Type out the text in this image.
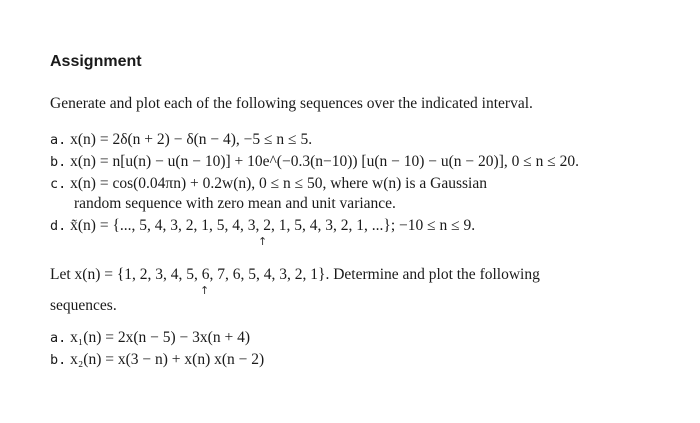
Assignment
Generate and plot each of the following sequences over the indicated interval.
a. x(n) = 2δ(n + 2) − δ(n − 4), −5 ≤ n ≤ 5.
b. x(n) = n[u(n) − u(n − 10)] + 10e^(−0.3(n−10)) [u(n − 10) − u(n − 20)], 0 ≤ n ≤ 20.
c. x(n) = cos(0.04πn) + 0.2w(n), 0 ≤ n ≤ 50, where w(n) is a Gaussian
random sequence with zero mean and unit variance.
d. x̃(n) = {..., 5, 4, 3, 2, 1, 5, 4, 3, 2, 1, 5, 4, 3, 2, 1, ...}; −10 ≤ n ≤ 9.
↑
Let x(n) = {1, 2, 3, 4, 5, 6, 7, 6, 5, 4, 3, 2, 1}. Determine and plot the following
↑
sequences.
a. x₁(n) = 2x(n − 5) − 3x(n + 4)
b. x₂(n) = x(3 − n) + x(n) x(n − 2)
